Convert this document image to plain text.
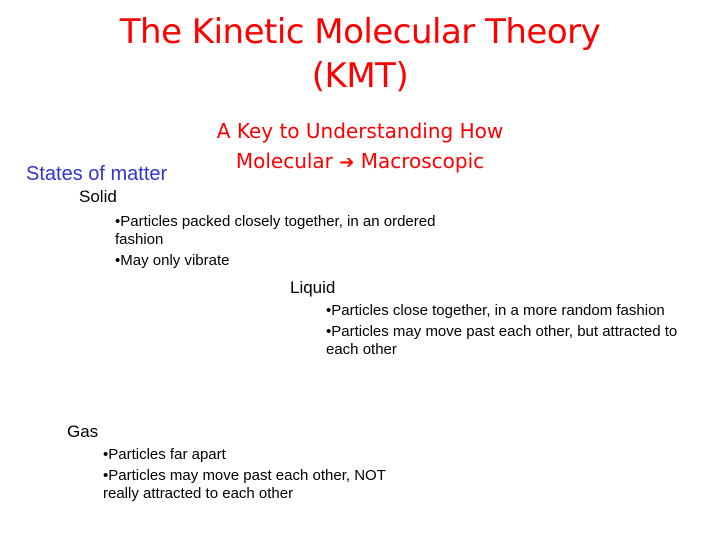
The Kinetic Molecular Theory
(KMT)
A Key to Understanding How
Molecular ➔ Macroscopic
States of matter
Solid
•Particles packed closely together, in an ordered fashion
•May only vibrate
Liquid
•Particles close together, in a more random fashion
•Particles may move past each other, but attracted to each other
Gas
•Particles far apart
•Particles may move past each other, NOT really attracted to each other
